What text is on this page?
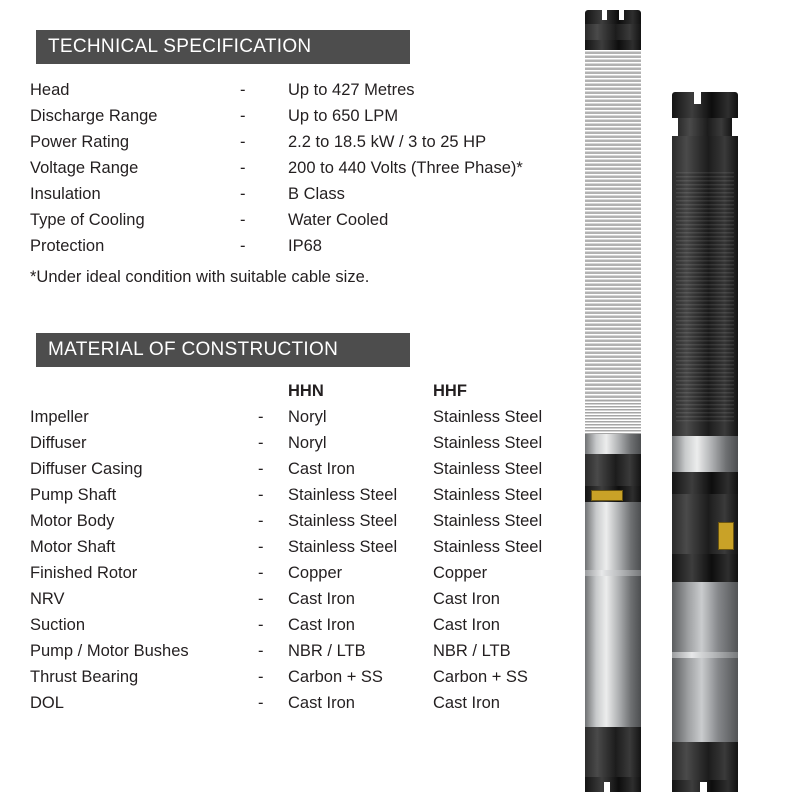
TECHNICAL SPECIFICATION
Head	-	Up to 427 Metres
Discharge Range	-	Up to 650 LPM
Power Rating	-	2.2 to 18.5 kW / 3 to 25 HP
Voltage Range	-	200 to 440 Volts (Three Phase)*
Insulation	-	B Class
Type of Cooling	-	Water Cooled
Protection	-	IP68
*Under ideal condition with suitable cable size.
MATERIAL OF CONSTRUCTION
		HHN	HHF
Impeller	-	Noryl	Stainless Steel
Diffuser	-	Noryl	Stainless Steel
Diffuser Casing	-	Cast Iron	Stainless Steel
Pump Shaft	-	Stainless Steel	Stainless Steel
Motor Body	-	Stainless Steel	Stainless Steel
Motor Shaft	-	Stainless Steel	Stainless Steel
Finished Rotor	-	Copper	Copper
NRV	-	Cast Iron	Cast Iron
Suction	-	Cast Iron	Cast Iron
Pump / Motor Bushes	-	NBR / LTB	NBR / LTB
Thrust Bearing	-	Carbon + SS	Carbon + SS
DOL	-	Cast Iron	Cast Iron
